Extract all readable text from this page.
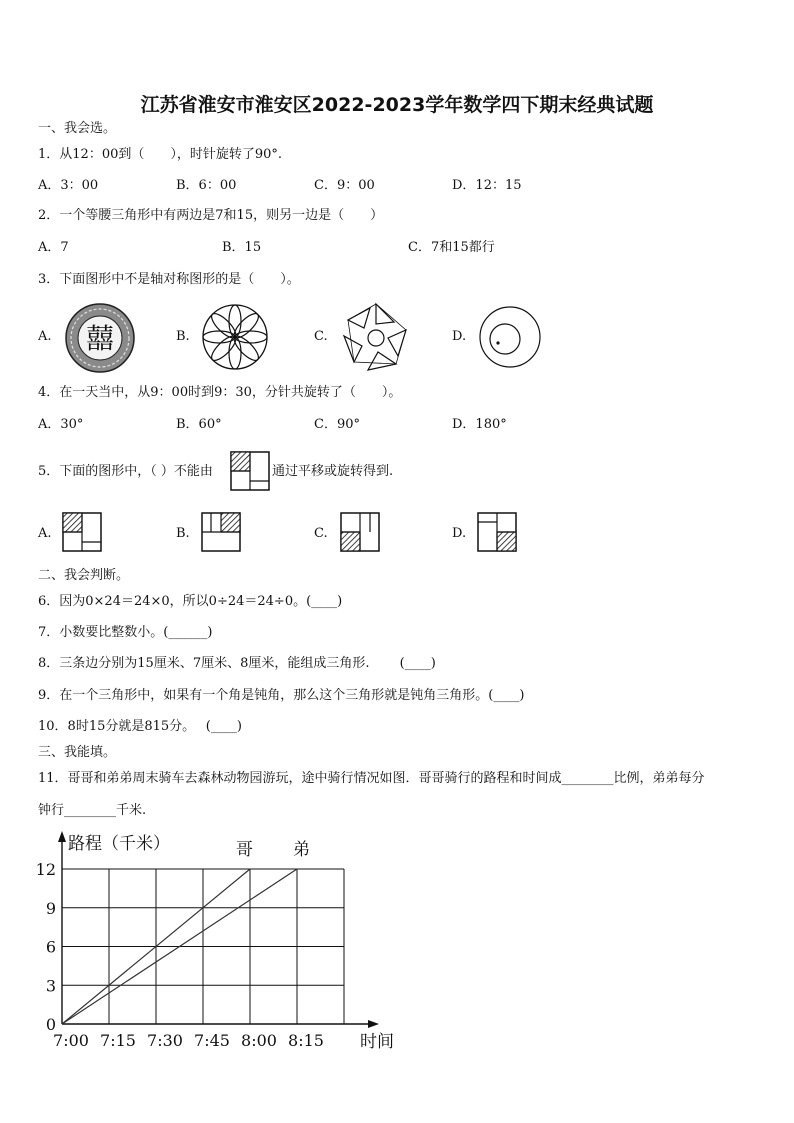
江苏省淮安市淮安区2022-2023学年数学四下期末经典试题
一、我会选。
1．从12：00到（　　），时针旋转了90°.
A．3：00	B．6：00	C．9：00	D．12：15
2．一个等腰三角形中有两边是7和15，则另一边是（　　）
A．7	B．15	C．7和15都行
3．下面图形中不是轴对称图形的是（　　）。
A. 囍	B.	C.	D.
4．在一天当中，从9：00时到9：30，分针共旋转了（　　）。
A．30°	B．60°	C．90°	D．180°
5．下面的图形中，（ ）不能由	通过平移或旋转得到.
A.	B.	C.	D.
二、我会判断。
6．因为0×24＝24×0，所以0÷24＝24÷0。(____)
7．小数要比整数小。(______)
8．三条边分别为15厘米、7厘米、8厘米，能组成三角形.　　 (____)
9．在一个三角形中，如果有一个角是钝角，那么这个三角形就是钝角三角形。(____)
10．8时15分就是815分。　 (____)
三、我能填。
11．哥哥和弟弟周末骑车去森林动物园游玩，途中骑行情况如图．哥哥骑行的路程和时间成________比例，弟弟每分
钟行________千米.
0
3
6
9
12
7:00 7:15 7:30 7:45 8:00 8:15
路程（千米）
时间
哥 弟
